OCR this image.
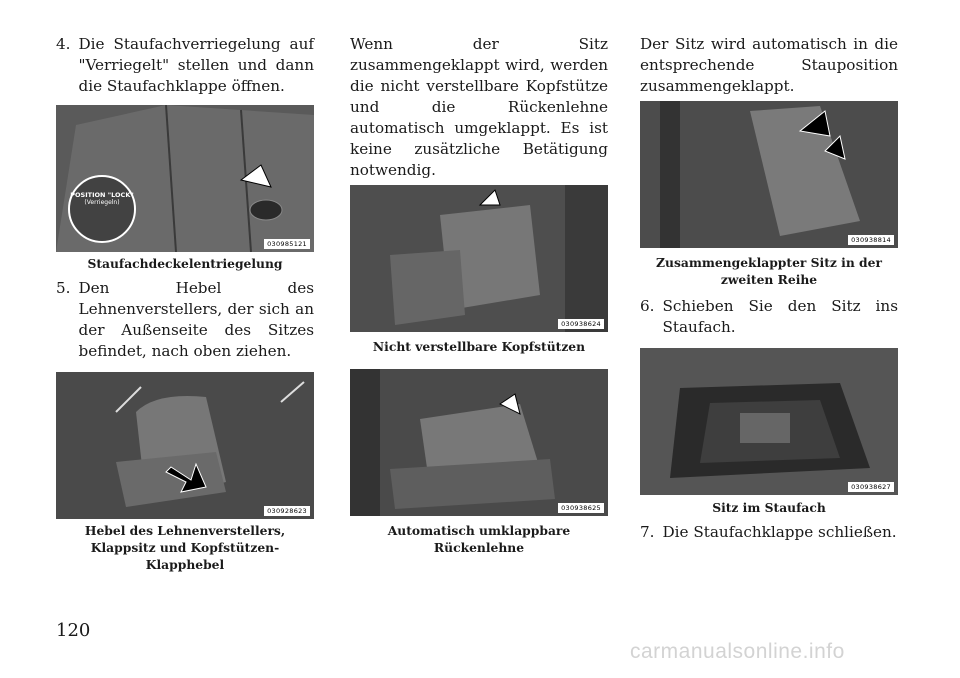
4. Die Staufachverriegelung auf "Verriegelt" stellen und dann die Staufachklappe öffnen.

POSITION "LOCK"
(Verriegeln)
030985121

Staufachdeckelentriegelung

5. Den Hebel des Lehnenverstellers, der sich an der Außenseite des Sitzes befindet, nach oben ziehen.

030928623

Hebel des Lehnenverstellers, Klappsitz und Kopfstützen-Klapphebel

Wenn der Sitz zusammengeklappt wird, werden die nicht verstellbare Kopfstütze und die Rückenlehne automatisch umgeklappt. Es ist keine zusätzliche Betätigung notwendig.

030938624

Nicht verstellbare Kopfstützen

030938625

Automatisch umklappbare Rückenlehne

Der Sitz wird automatisch in die entsprechende Stauposition zusammengeklappt.

030938814

Zusammengeklappter Sitz in der zweiten Reihe

6. Schieben Sie den Sitz ins Staufach.

030938627

Sitz im Staufach

7. Die Staufachklappe schließen.

120
carmanualsonline.info
